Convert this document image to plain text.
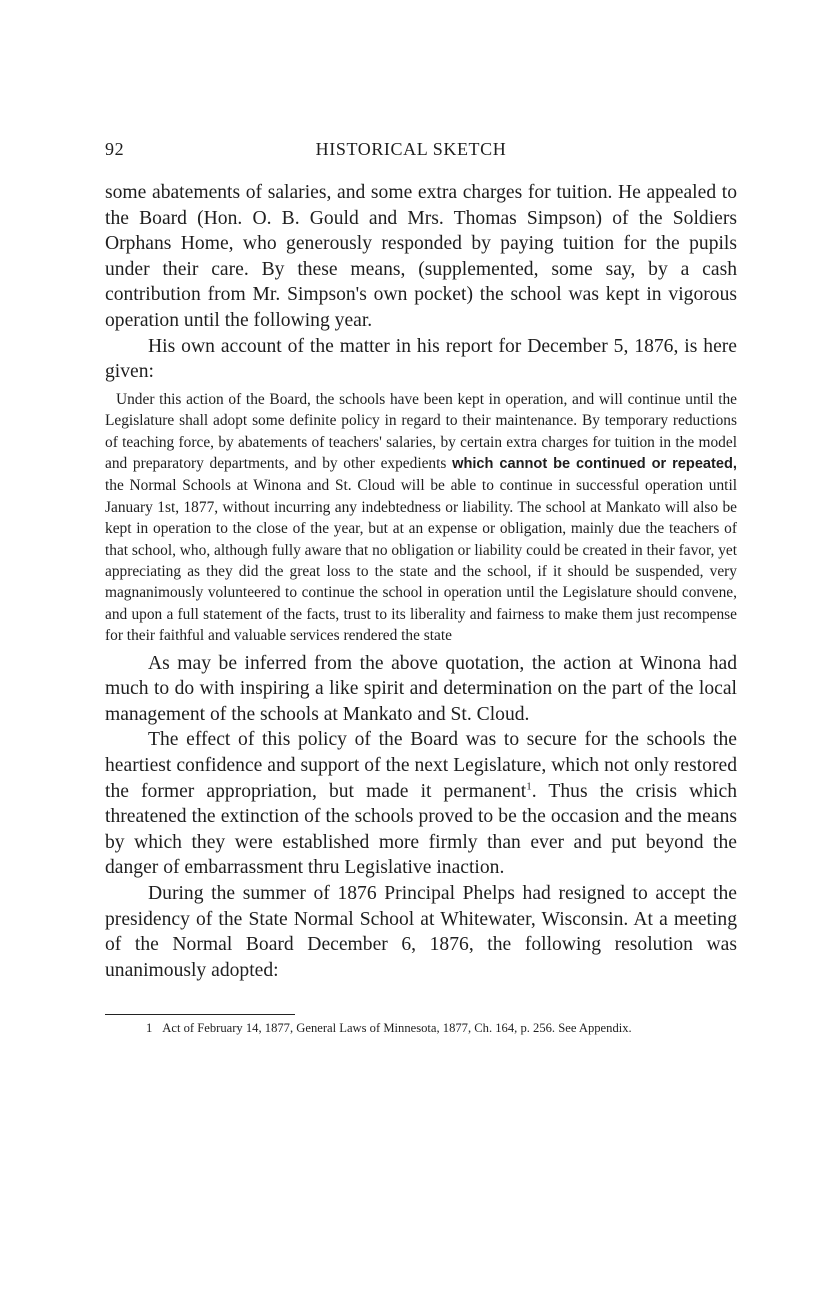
92	HISTORICAL SKETCH

some abatements of salaries, and some extra charges for tuition. He appealed to the Board (Hon. O. B. Gould and Mrs. Thomas Simpson) of the Soldiers Orphans Home, who generously responded by paying tuition for the pupils under their care. By these means, (supplemented, some say, by a cash contribution from Mr. Simpson's own pocket) the school was kept in vigorous operation until the following year.

His own account of the matter in his report for December 5, 1876, is here given:

Under this action of the Board, the schools have been kept in operation, and will continue until the Legislature shall adopt some definite policy in regard to their maintenance. By temporary reductions of teaching force, by abatements of teachers' salaries, by certain extra charges for tuition in the model and preparatory departments, and by other expedients which cannot be continued or repeated, the Normal Schools at Winona and St. Cloud will be able to continue in successful operation until January 1st, 1877, without incurring any indebtedness or liability. The school at Mankato will also be kept in operation to the close of the year, but at an expense or obligation, mainly due the teachers of that school, who, although fully aware that no obligation or liability could be created in their favor, yet appreciating as they did the great loss to the state and the school, if it should be suspended, very magnanimously volunteered to continue the school in operation until the Legislature should convene, and upon a full statement of the facts, trust to its liberality and fairness to make them just recompense for their faithful and valuable services rendered the state

As may be inferred from the above quotation, the action at Winona had much to do with inspiring a like spirit and determination on the part of the local management of the schools at Mankato and St. Cloud.

The effect of this policy of the Board was to secure for the schools the heartiest confidence and support of the next Legislature, which not only restored the former appropriation, but made it permanent$^1$. Thus the crisis which threatened the extinction of the schools proved to be the occasion and the means by which they were established more firmly than ever and put beyond the danger of embarrassment thru Legislative inaction.

During the summer of 1876 Principal Phelps had resigned to accept the presidency of the State Normal School at Whitewater, Wisconsin. At a meeting of the Normal Board December 6, 1876, the following resolution was unanimously adopted:

1 Act of February 14, 1877, General Laws of Minnesota, 1877, Ch. 164, p. 256. See Appendix.
